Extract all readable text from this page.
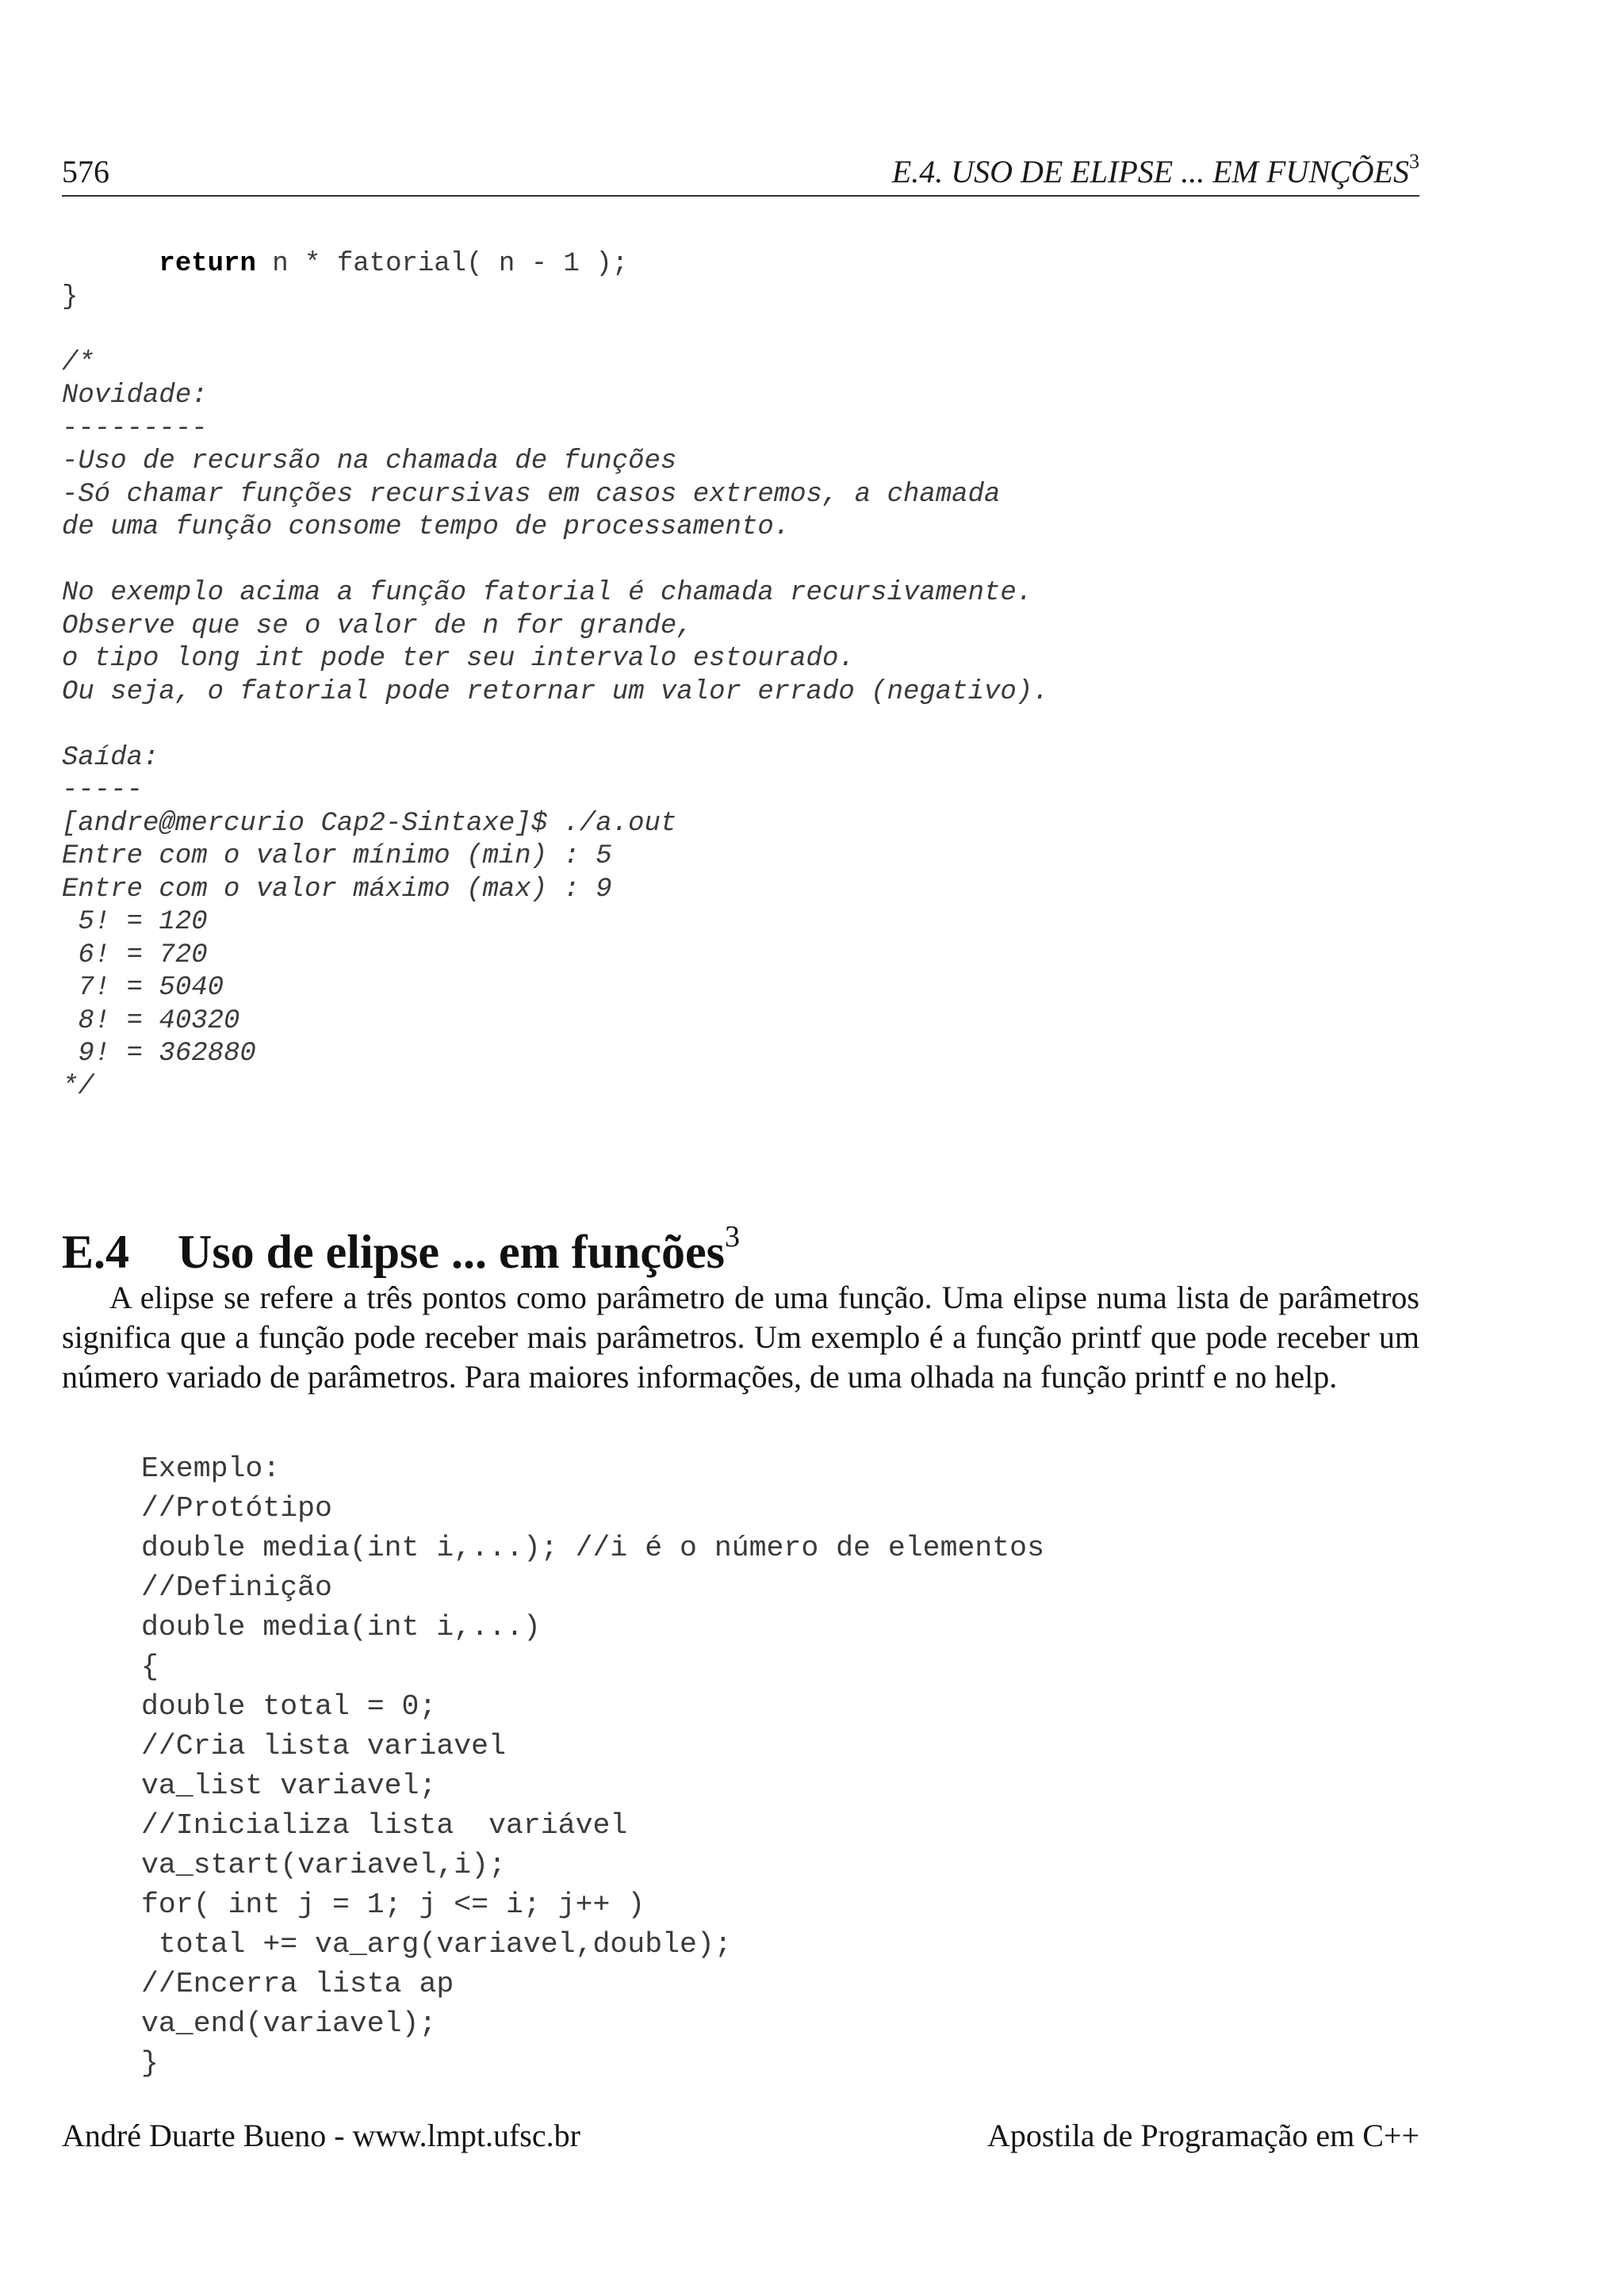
576	E.4. USO DE ELIPSE ... EM FUNÇÕES$^3$
return n * fatorial( n - 1 );
}
/*
Novidade:
---------
-Uso de recursão na chamada de funções
-Só chamar funções recursivas em casos extremos, a chamada
de uma função consome tempo de processamento.
No exemplo acima a função fatorial é chamada recursivamente.
Observe que se o valor de n for grande,
o tipo long int pode ter seu intervalo estourado.
Ou seja, o fatorial pode retornar um valor errado (negativo).
Saída:
-----
[andre@mercurio Cap2-Sintaxe]$ ./a.out
Entre com o valor mínimo (min) : 5
Entre com o valor máximo (max) : 9
5! = 120
6! = 720
7! = 5040
8! = 40320
9! = 362880
*/
E.4 Uso de elipse ... em funções$^3$

A elipse se refere a três pontos como parâmetro de uma função. Uma elipse numa lista de parâmetros significa que a função pode receber mais parâmetros. Um exemplo é a função printf que pode receber um número variado de parâmetros. Para maiores informações, de uma olhada na função printf e no help.

Exemplo:
//Protótipo
double media(int i,...); //i é o número de elementos
//Definição
double media(int i,...)
{
double total = 0;
//Cria lista variavel
va_list variavel;
//Inicializa lista  variável
va_start(variavel,i);
for( int j = 1; j <= i; j++ )
total += va_arg(variavel,double);
//Encerra lista ap
va_end(variavel);
}
André Duarte Bueno - www.lmpt.ufsc.br	Apostila de Programação em C++
